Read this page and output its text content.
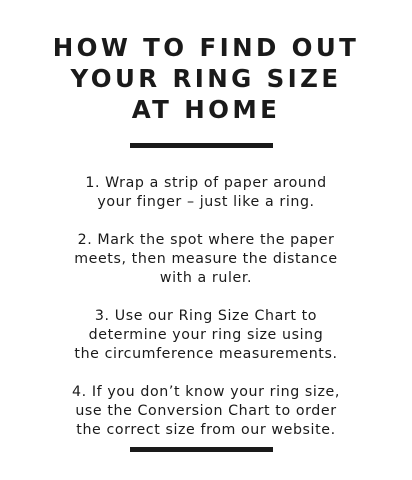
HOW TO FIND OUT
YOUR RING SIZE
AT HOME

1. Wrap a strip of paper around
your finger – just like a ring.

2. Mark the spot where the paper
meets, then measure the distance
with a ruler.

3. Use our Ring Size Chart to
determine your ring size using
the circumference measurements.

4. If you don’t know your ring size,
use the Conversion Chart to order
the correct size from our website.
